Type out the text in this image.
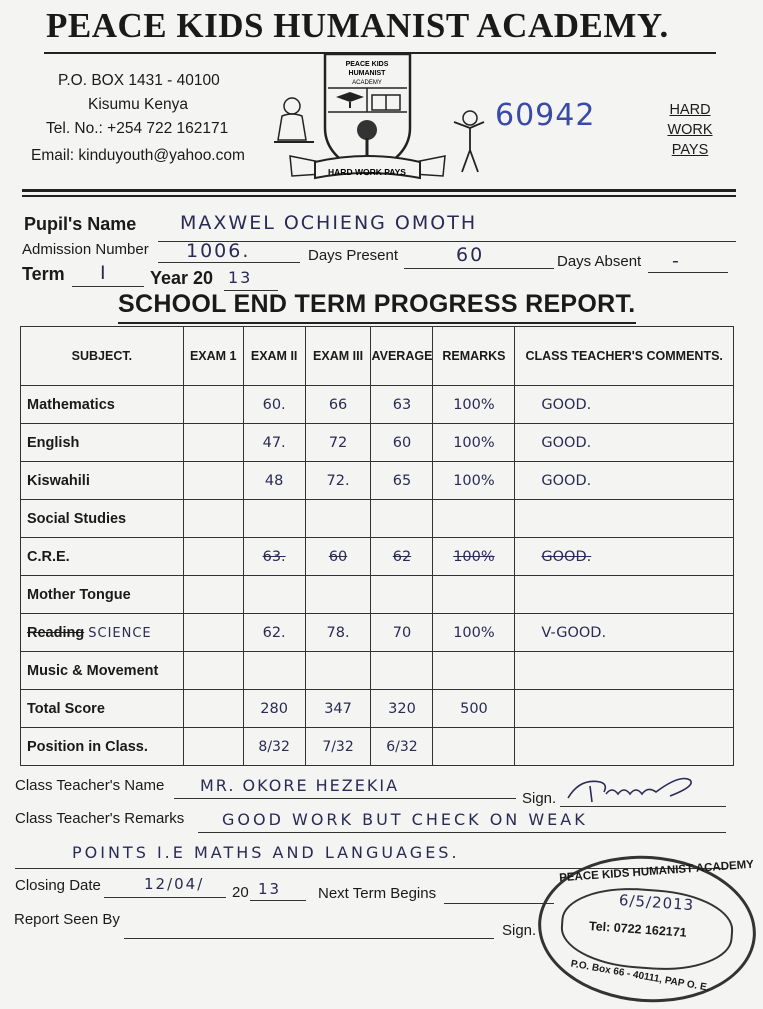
PEACE KIDS HUMANIST ACADEMY.
P.O. BOX 1431 - 40100
Kisumu Kenya
Tel. No.: +254 722 162171
Email: kinduyouth@yahoo.com
PEACE KIDS
HUMANIST
ACADEMY
HARD WORK PAYS
60942	HARD
WORK
PAYS
Pupil's Name MAXWEL OCHIENG OMOTH
Admission Number 1006.	Days Present	60	Days Absent -
Term I Year 20 13
SCHOOL END TERM PROGRESS REPORT.
SUBJECT.	EXAM 1	EXAM II	EXAM III	AVERAGE	REMARKS	CLASS TEACHER'S COMMENTS.
Mathematics		60.	66	63	100%	GOOD.
English		47.	72	60	100%	GOOD.
Kiswahili		48	72.	65	100%	GOOD.
Social Studies						
C.R.E.		63.	60	62	100%	GOOD.
Mother Tongue						
Reading SCIENCE		62.	78.	70	100%	V-GOOD.
Music & Movement						
Total Score		280	347	320	500	
Position in Class.		8/32	7/32	6/32		
Class Teacher's Name MR. OKORE HEZEKIA
Sign.
Class Teacher's Remarks GOOD WORK BUT CHECK ON WEAK
POINTS I.E MATHS AND LANGUAGES.
Closing Date	12/04/ 20 13 Next Term Begins
Report Seen By
Sign.
PEACE KIDS HUMANIST ACADEMY
6/5/2013
Tel: 0722 162171
P.O. Box 66 - 40111, PAP O. E.
